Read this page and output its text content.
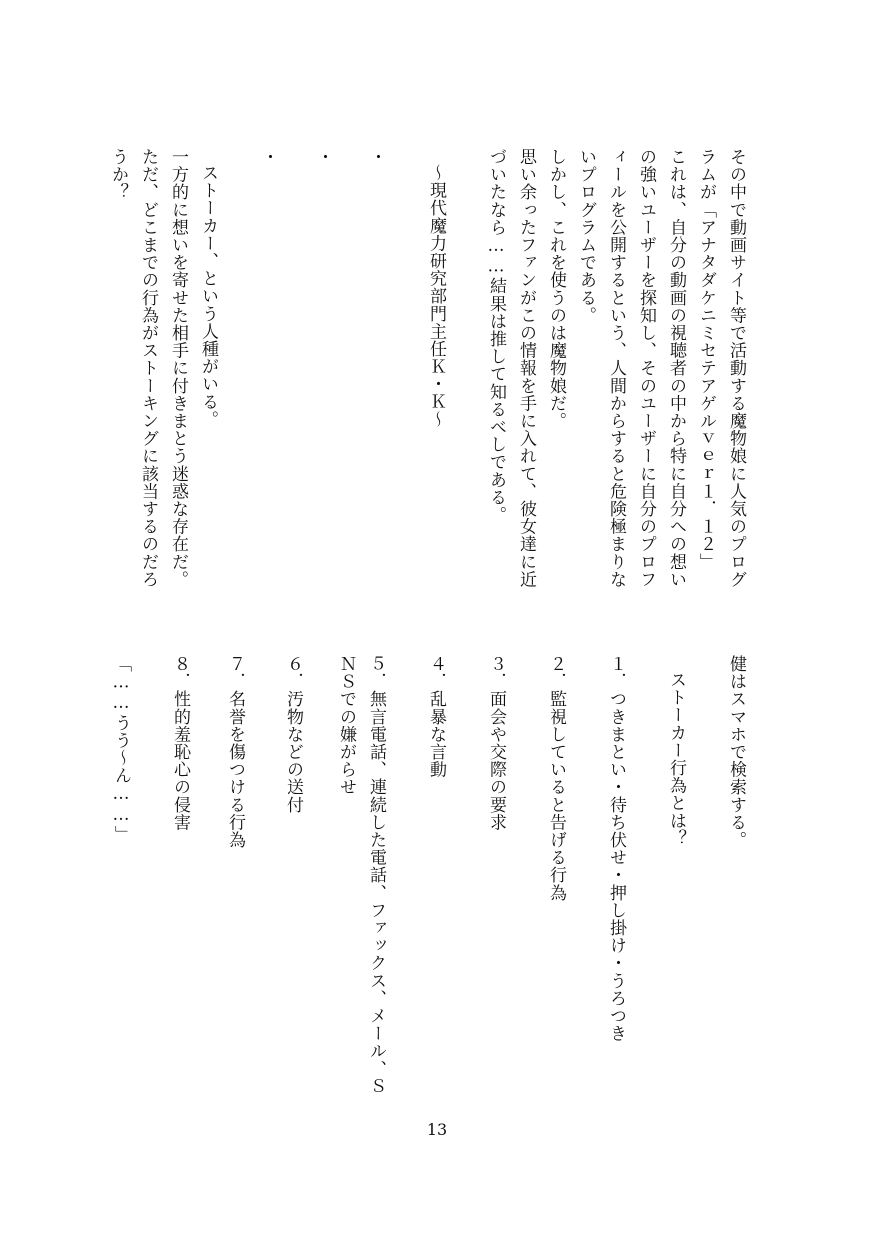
その中で動画サイト等で活動する魔物娘に人気のプログ
ラムが「アナタダケニミセテアゲルｖｅｒ１．１２」
これは、自分の動画の視聴者の中から特に自分への想い
の強いユーザーを探知し、そのユーザーに自分のプロフ
ィールを公開するという、人間からすると危険極まりな
いプログラムである。
しかし、これを使うのは魔物娘だ。
思い余ったファンがこの情報を手に入れて、彼女達に近
づいたなら……結果は推して知るべしである。
～現代魔力研究部門主任Ｋ・Ｋ～
・
・
・
ストーカー、という人種がいる。
一方的に想いを寄せた相手に付きまとう迷惑な存在だ。
ただ、どこまでの行為がストーキングに該当するのだろ
うか？
健はスマホで検索する。
ストーカー行為とは？
１．つきまとい・待ち伏せ・押し掛け・うろつき
２．監視していると告げる行為
３．面会や交際の要求
４．乱暴な言動
５．無言電話、連続した電話、ファックス、メール、Ｓ
ＮＳでの嫌がらせ
６．汚物などの送付
７．名誉を傷つける行為
８．性的羞恥心の侵害
「……うう～ん……」
13
